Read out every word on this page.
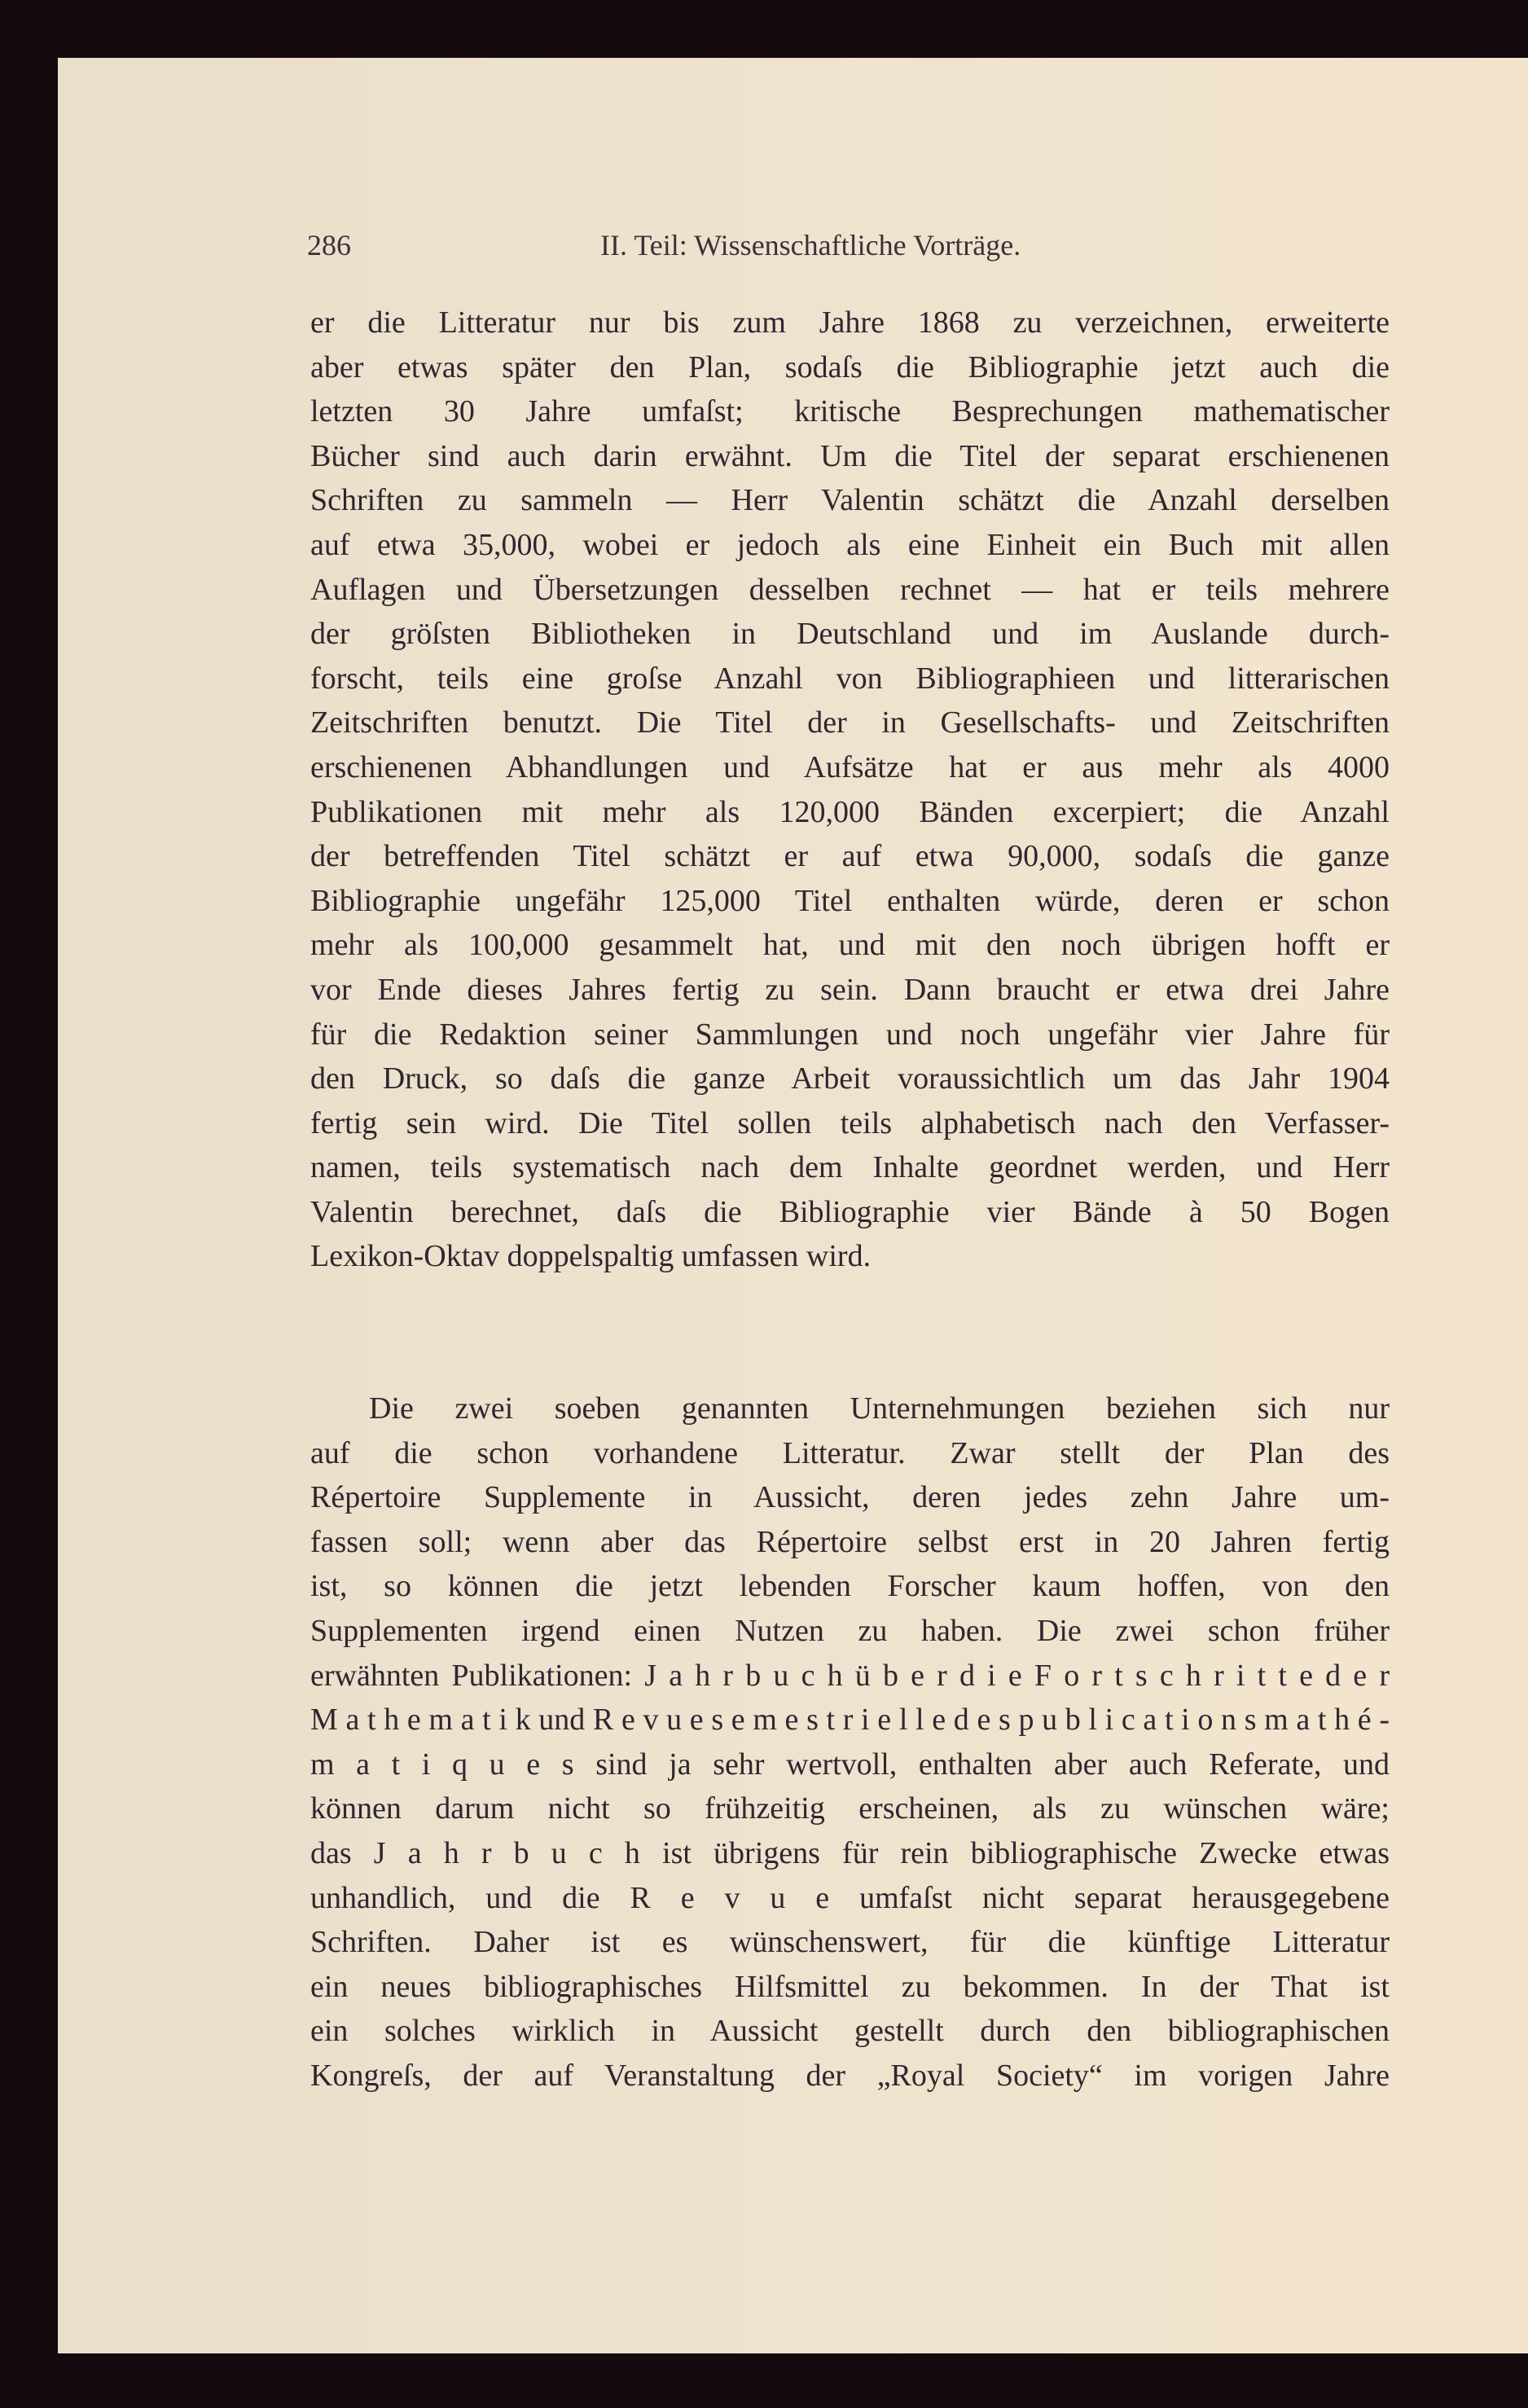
286	II. Teil: Wissenschaftliche Vorträge.
er die Litteratur nur bis zum Jahre 1868 zu verzeichnen, erweiterte
aber etwas später den Plan, sodaſs die Bibliographie jetzt auch die
letzten 30 Jahre umfaſst; kritische Besprechungen mathematischer
Bücher sind auch darin erwähnt. Um die Titel der separat erschienenen
Schriften zu sammeln — Herr Valentin schätzt die Anzahl derselben
auf etwa 35,000, wobei er jedoch als eine Einheit ein Buch mit allen
Auflagen und Übersetzungen desselben rechnet — hat er teils mehrere
der gröſsten Bibliotheken in Deutschland und im Auslande durch-
forscht, teils eine groſse Anzahl von Bibliographieen und litterarischen
Zeitschriften benutzt. Die Titel der in Gesellschafts- und Zeitschriften
erschienenen Abhandlungen und Aufsätze hat er aus mehr als 4000
Publikationen mit mehr als 120,000 Bänden excerpiert; die Anzahl
der betreffenden Titel schätzt er auf etwa 90,000, sodaſs die ganze
Bibliographie ungefähr 125,000 Titel enthalten würde, deren er schon
mehr als 100,000 gesammelt hat, und mit den noch übrigen hofft er
vor Ende dieses Jahres fertig zu sein. Dann braucht er etwa drei Jahre
für die Redaktion seiner Sammlungen und noch ungefähr vier Jahre für
den Druck, so daſs die ganze Arbeit voraussichtlich um das Jahr 1904
fertig sein wird. Die Titel sollen teils alphabetisch nach den Verfasser-
namen, teils systematisch nach dem Inhalte geordnet werden, und Herr
Valentin berechnet, daſs die Bibliographie vier Bände à 50 Bogen
Lexikon-Oktav doppelspaltig umfassen wird.
Die zwei soeben genannten Unternehmungen beziehen sich nur
auf die schon vorhandene Litteratur. Zwar stellt der Plan des
Répertoire Supplemente in Aussicht, deren jedes zehn Jahre um-
fassen soll; wenn aber das Répertoire selbst erst in 20 Jahren fertig
ist, so können die jetzt lebenden Forscher kaum hoffen, von den
Supplementen irgend einen Nutzen zu haben. Die zwei schon früher
erwähnten Publikationen: J a h r b u c h ü b e r d i e F o r t s c h r i t t e d e r
M a t h e m a t i k und R e v u e s e m e s t r i e l l e d e s p u b l i c a t i o n s m a t h é -
m a t i q u e s sind ja sehr wertvoll, enthalten aber auch Referate, und
können darum nicht so frühzeitig erscheinen, als zu wünschen wäre;
das J a h r b u c h ist übrigens für rein bibliographische Zwecke etwas
unhandlich, und die R e v u e umfaſst nicht separat herausgegebene
Schriften. Daher ist es wünschenswert, für die künftige Litteratur
ein neues bibliographisches Hilfsmittel zu bekommen. In der That ist
ein solches wirklich in Aussicht gestellt durch den bibliographischen
Kongreſs, der auf Veranstaltung der „Royal Society“ im vorigen Jahre
